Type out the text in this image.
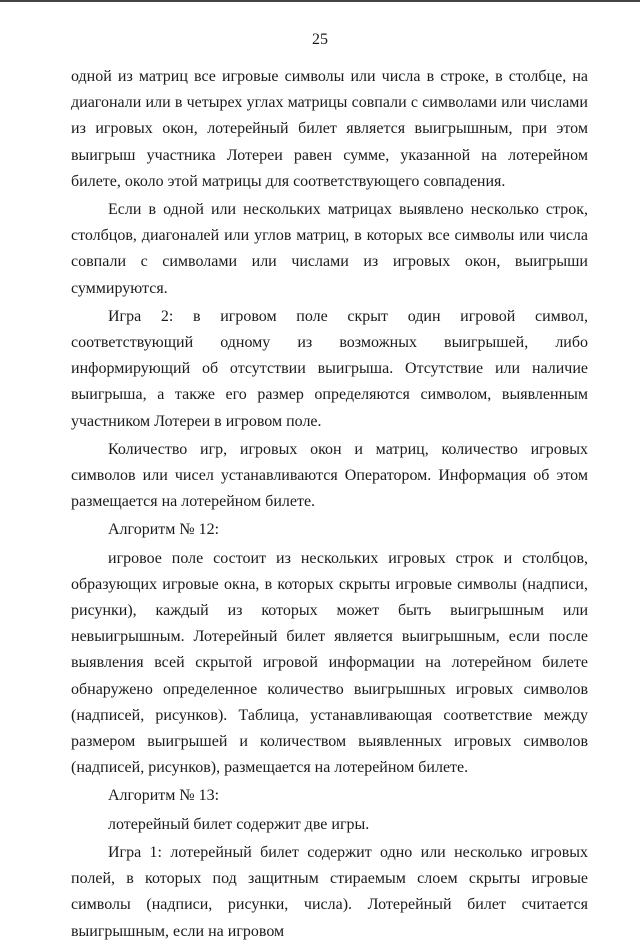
25

одной из матриц все игровые символы или числа в строке, в столбце, на диагонали или в четырех углах матрицы совпали с символами или числами из игровых окон, лотерейный билет является выигрышным, при этом выигрыш участника Лотереи равен сумме, указанной на лотерейном билете, около этой матрицы для соответствующего совпадения.

Если в одной или нескольких матрицах выявлено несколько строк, столбцов, диагоналей или углов матриц, в которых все символы или числа совпали с символами или числами из игровых окон, выигрыши суммируются.

Игра 2: в игровом поле скрыт один игровой символ, соответствующий одному из возможных выигрышей, либо информирующий об отсутствии выигрыша. Отсутствие или наличие выигрыша, а также его размер определяются символом, выявленным участником Лотереи в игровом поле.

Количество игр, игровых окон и матриц, количество игровых символов или чисел устанавливаются Оператором. Информация об этом размещается на лотерейном билете.

Алгоритм № 12:

игровое поле состоит из нескольких игровых строк и столбцов, образующих игровые окна, в которых скрыты игровые символы (надписи, рисунки), каждый из которых может быть выигрышным или невыигрышным. Лотерейный билет является выигрышным, если после выявления всей скрытой игровой информации на лотерейном билете обнаружено определенное количество выигрышных игровых символов (надписей, рисунков). Таблица, устанавливающая соответствие между размером выигрышей и количеством выявленных игровых символов (надписей, рисунков), размещается на лотерейном билете.

Алгоритм № 13:

лотерейный билет содержит две игры.

Игра 1: лотерейный билет содержит одно или несколько игровых полей, в которых под защитным стираемым слоем скрыты игровые символы (надписи, рисунки, числа). Лотерейный билет считается выигрышным, если на игровом
